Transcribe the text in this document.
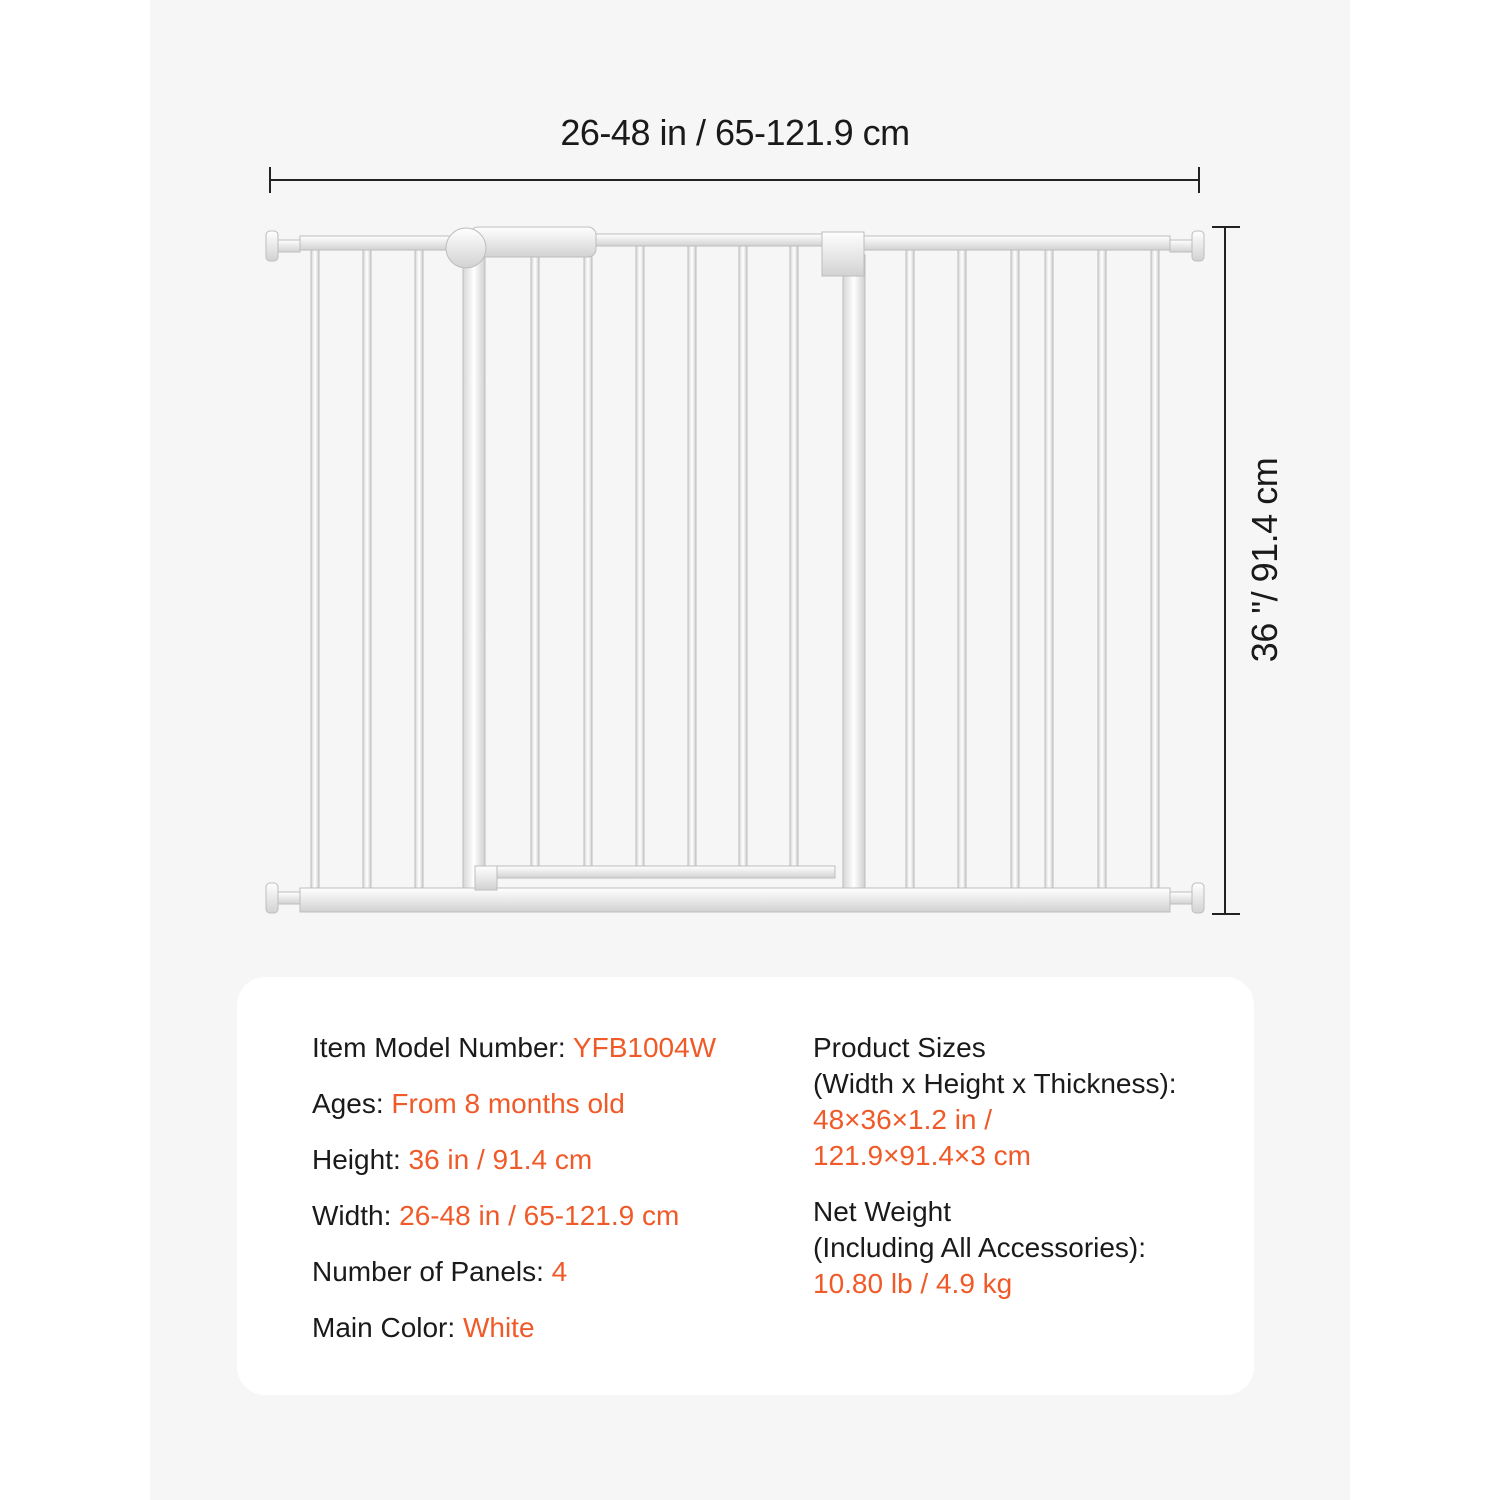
26-48 in / 65-121.9 cm
36 "/ 91.4 cm
Item Model Number: YFB1004W
Ages: From 8 months old
Height: 36 in / 91.4 cm
Width: 26-48 in / 65-121.9 cm
Number of Panels: 4
Main Color: White
Product Sizes
(Width x Height x Thickness):
48×36×1.2 in /
121.9×91.4×3 cm
Net Weight
(Including All Accessories):
10.80 lb / 4.9 kg
